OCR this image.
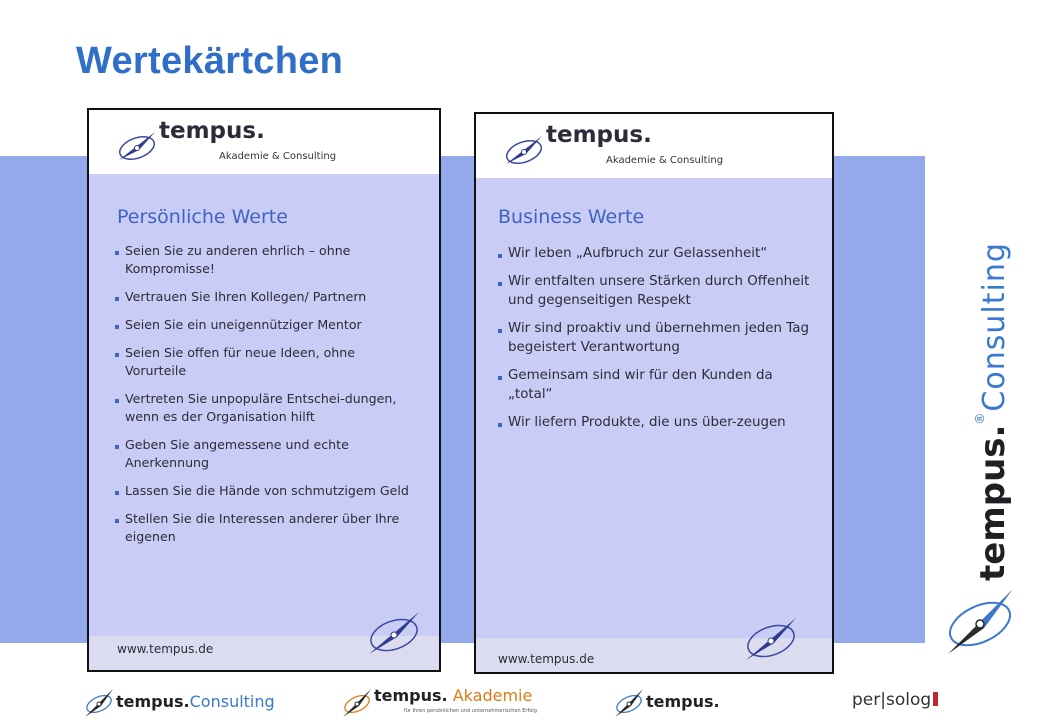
Wertekärtchen
tempus.
Akademie & Consulting
Persönliche Werte
Seien Sie zu anderen ehrlich – ohne Kompromisse!
Vertrauen Sie Ihren Kollegen/ Partnern
Seien Sie ein uneigennütziger Mentor
Seien Sie offen für neue Ideen, ohne Vorurteile
Vertreten Sie unpopuläre Entschei-dungen, wenn es der Organisation hilft
Geben Sie angemessene und echte Anerkennung
Lassen Sie die Hände von schmutzigem Geld
Stellen Sie die Interessen anderer über Ihre eigenen
www.tempus.de
tempus.
Akademie & Consulting
Business Werte
Wir leben „Aufbruch zur Gelassenheit“
Wir entfalten unsere Stärken durch Offenheit und gegenseitigen Respekt
Wir sind proaktiv und übernehmen jeden Tag begeistert Verantwortung
Gemeinsam sind wir für den Kunden da „total“
Wir liefern Produkte, die uns über-zeugen
www.tempus.de
tempus.®Consulting
tempus.Consulting	tempus. Akademie
für Ihren persönlichen und unternehmerischen Erfolg	tempus.	per|solog
